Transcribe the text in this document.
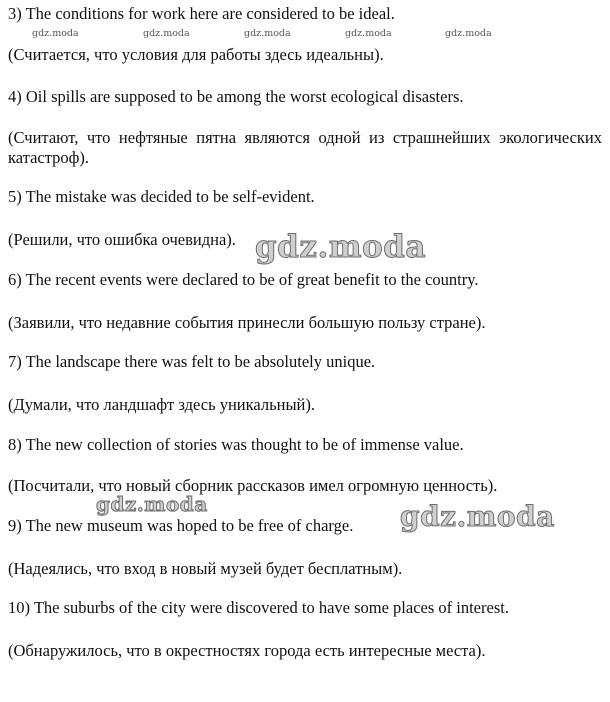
3) The conditions for work here are considered to be ideal.
(Считается, что условия для работы здесь идеальны).
4) Oil spills are supposed to be among the worst ecological disasters.
(Считают, что нефтяные пятна являются одной из страшнейших экологических катастроф).
5) The mistake was decided to be self-evident.
(Решили, что ошибка очевидна).
6) The recent events were declared to be of great benefit to the country.
(Заявили, что недавние события принесли большую пользу стране).
7) The landscape there was felt to be absolutely unique.
(Думали, что ландшафт здесь уникальный).
8) The new collection of stories was thought to be of immense value.
(Посчитали, что новый сборник рассказов имел огромную ценность).
9) The new museum was hoped to be free of charge.
(Надеялись, что вход в новый музей будет бесплатным).
10) The suburbs of the city were discovered to have some places of interest.
(Обнаружилось, что в окрестностях города есть интересные места).
gdz.moda	gdz.moda	gdz.moda	gdz.moda	gdz.moda
gdz.moda
gdz.moda	gdz.moda
